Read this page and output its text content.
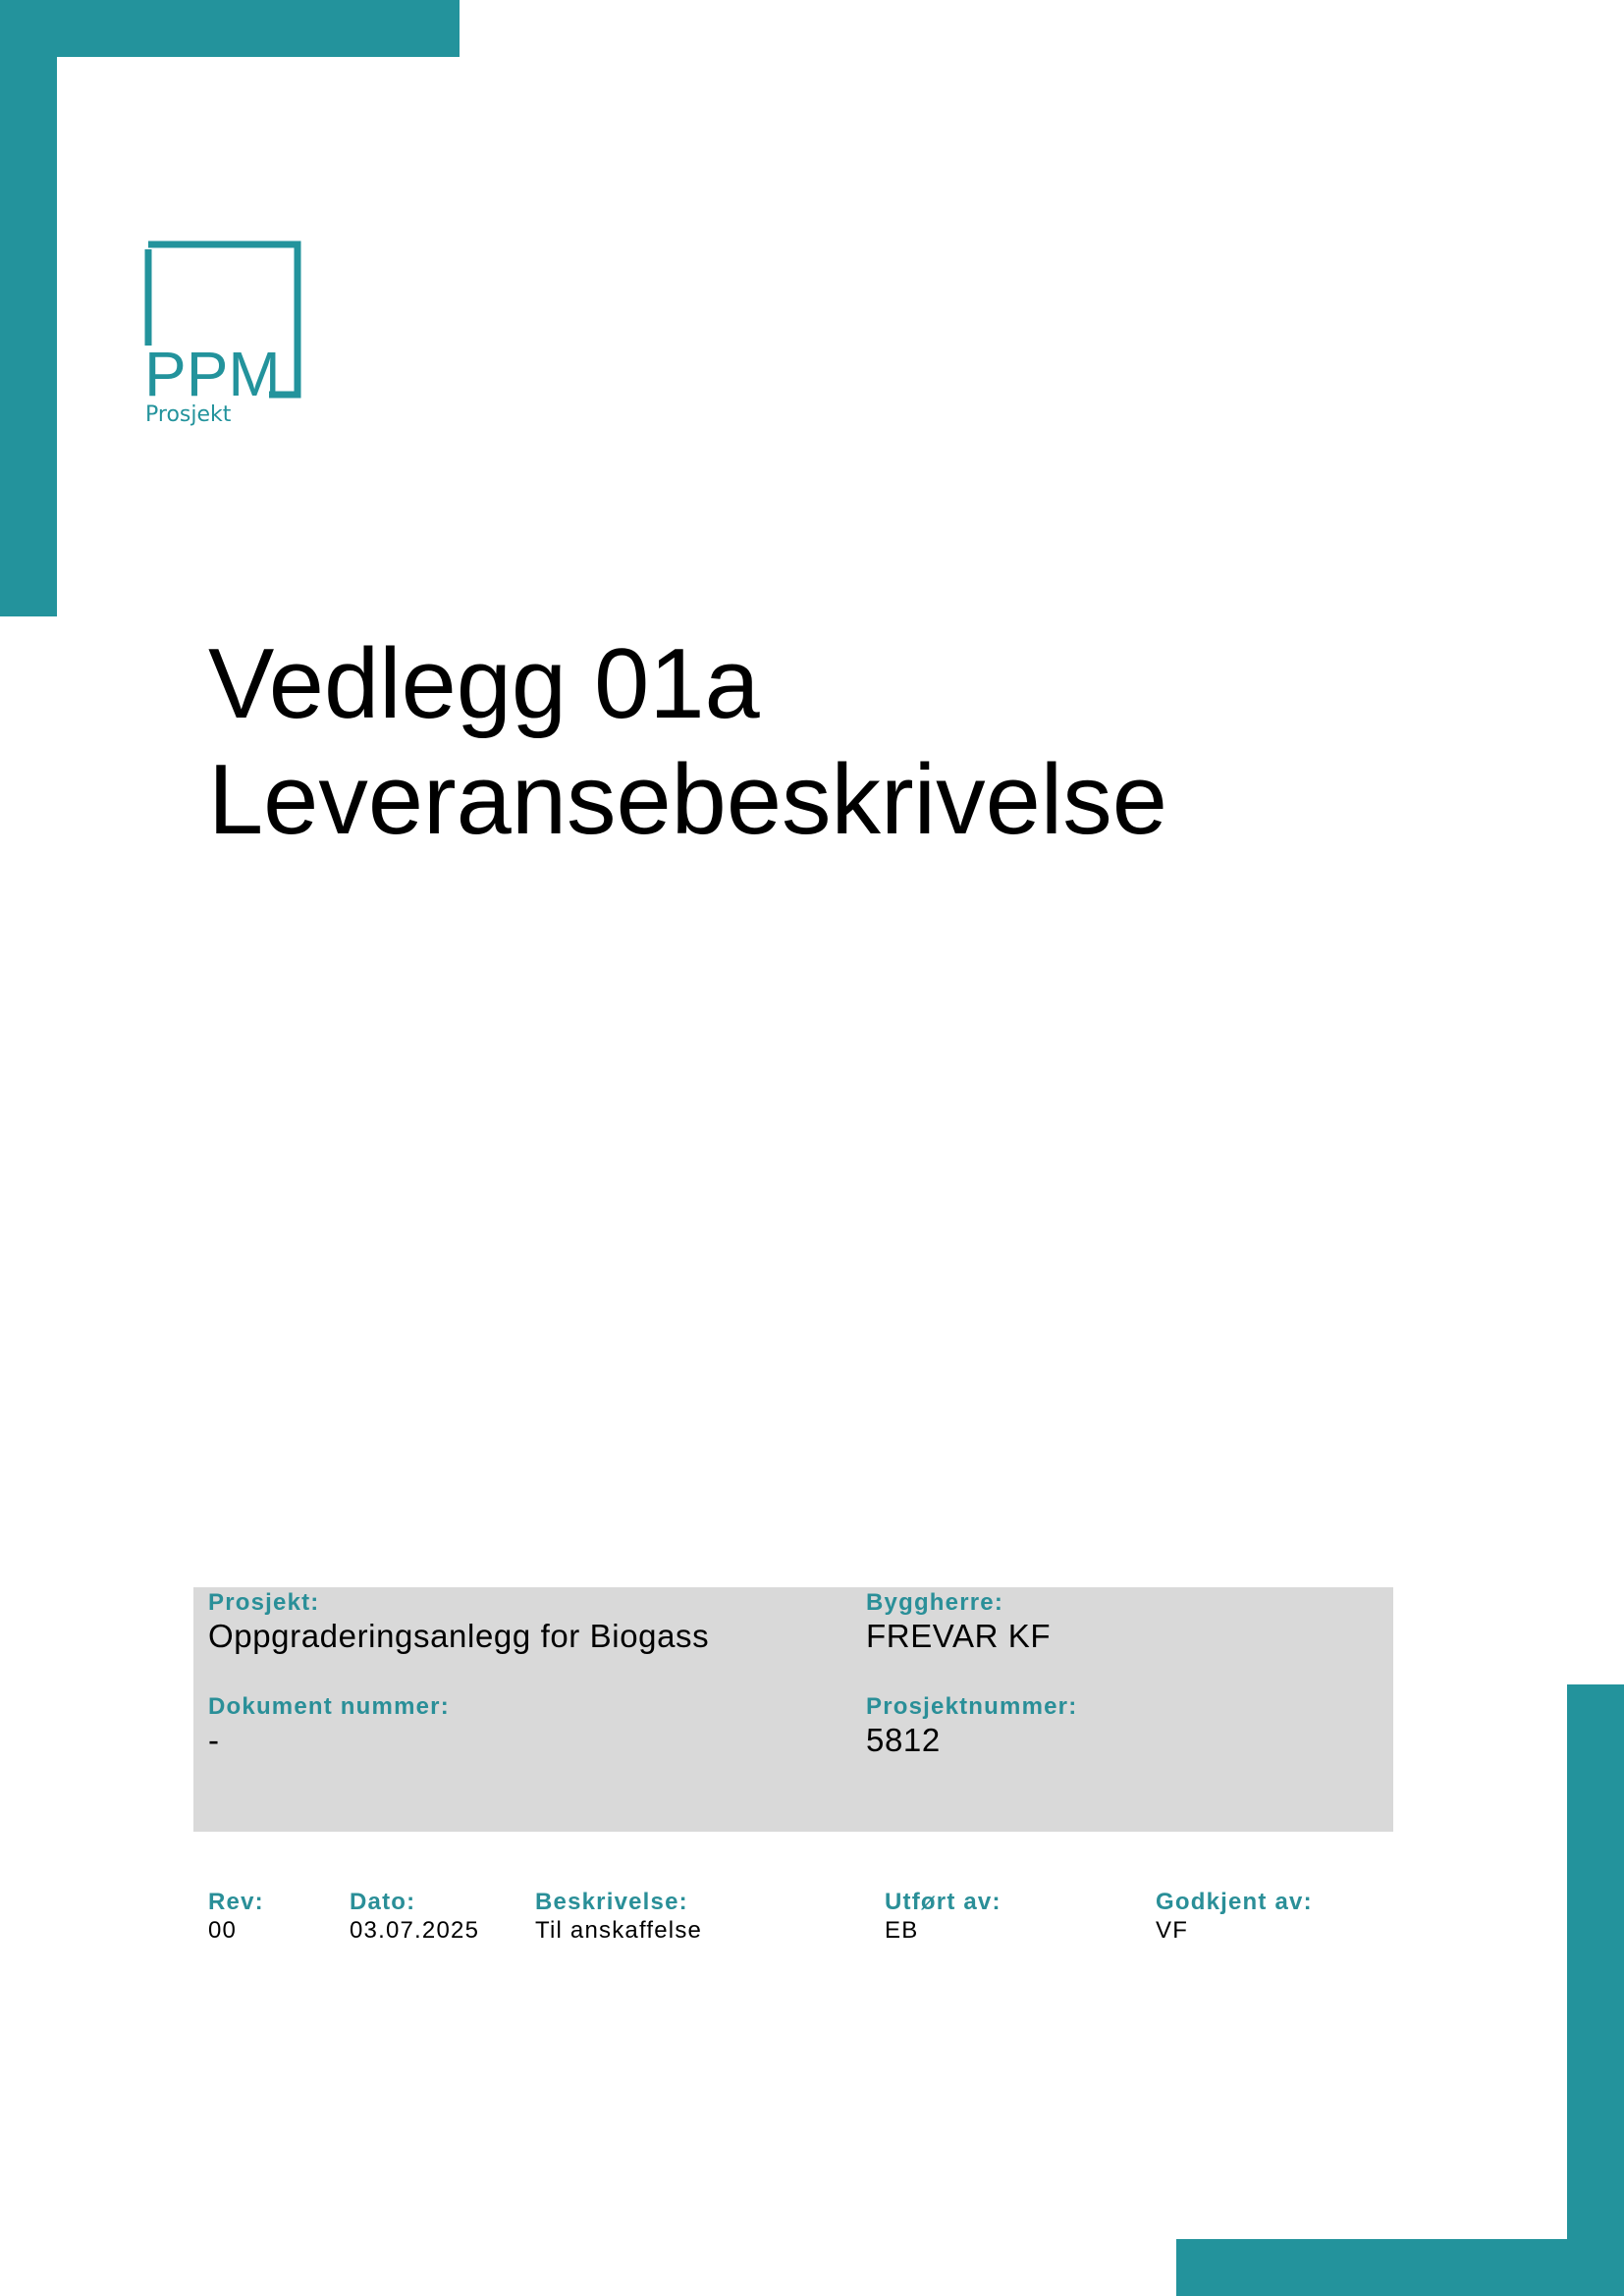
PPM
Prosjekt
Vedlegg 01a
Leveransebeskrivelse
Prosjekt:
Oppgraderingsanlegg for Biogass
Byggherre:
FREVAR KF
Dokument nummer:
-
Prosjektnummer:
5812
Rev:
00
Dato:
03.07.2025
Beskrivelse:
Til anskaffelse
Utført av:
EB
Godkjent av:
VF
